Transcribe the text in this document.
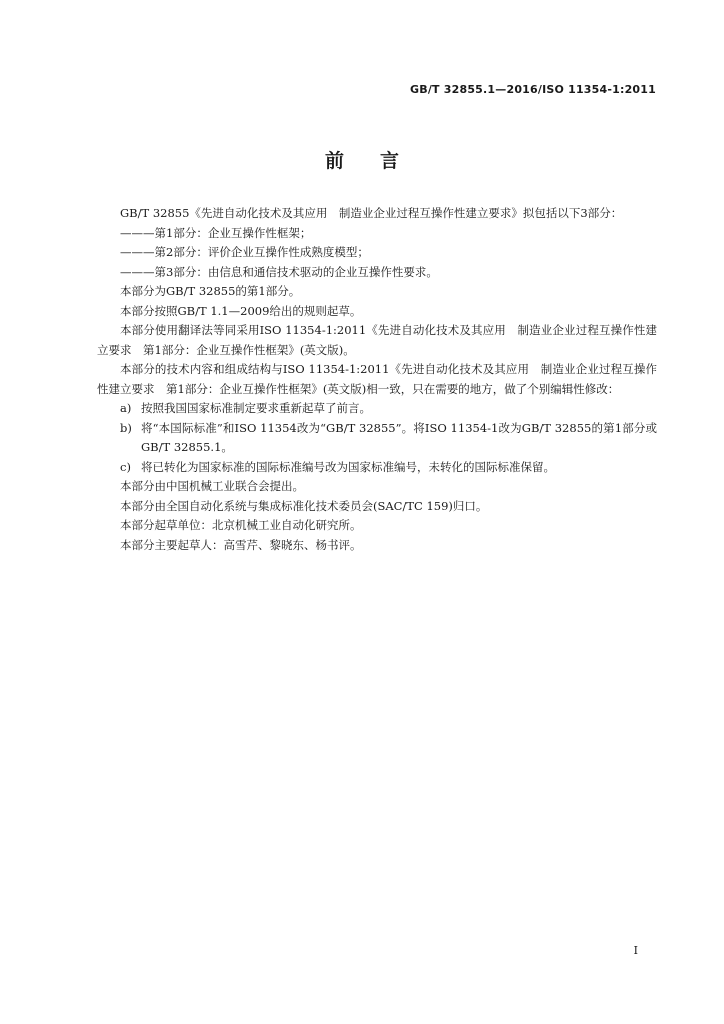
GB/T 32855.1—2016/ISO 11354-1:2011
前 言

GB/T 32855《先进自动化技术及其应用　制造业企业过程互操作性建立要求》拟包括以下3部分：

———第1部分：企业互操作性框架；

———第2部分：评价企业互操作性成熟度模型；

———第3部分：由信息和通信技术驱动的企业互操作性要求。

本部分为GB/T 32855的第1部分。

本部分按照GB/T 1.1—2009给出的规则起草。

本部分使用翻译法等同采用ISO 11354-1:2011《先进自动化技术及其应用　制造业企业过程互操作性建立要求　第1部分：企业互操作性框架》(英文版)。

本部分的技术内容和组成结构与ISO 11354-1:2011《先进自动化技术及其应用　制造业企业过程互操作性建立要求　第1部分：企业互操作性框架》(英文版)相一致，只在需要的地方，做了个别编辑性修改：

a) 按照我国国家标准制定要求重新起草了前言。
b) 将“本国际标准”和ISO 11354改为“GB/T 32855”。将ISO 11354-1改为GB/T 32855的第1部分或GB/T 32855.1。
c) 将已转化为国家标准的国际标准编号改为国家标准编号，未转化的国际标准保留。

本部分由中国机械工业联合会提出。

本部分由全国自动化系统与集成标准化技术委员会(SAC/TC 159)归口。

本部分起草单位：北京机械工业自动化研究所。

本部分主要起草人：高雪芹、黎晓东、杨书评。

I
